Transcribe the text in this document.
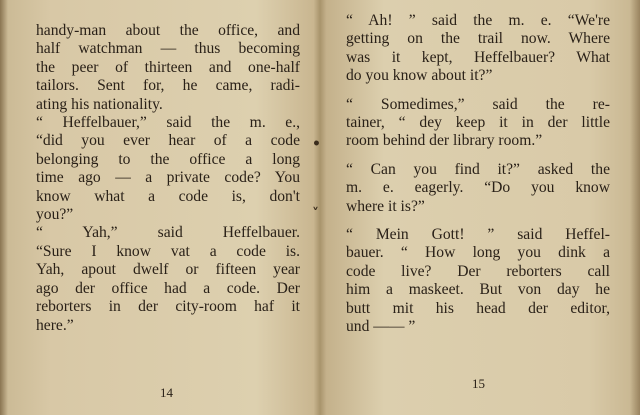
handy-man about the office, and
half watchman — thus becoming
the peer of thirteen and one-half
tailors. Sent for, he came, radi-
ating his nationality.
“ Heffelbauer,” said the m. e.,
“did you ever hear of a code
belonging to the office a long
time ago — a private code? You
know what a code is, don't
you?”
“ Yah,” said Heffelbauer.
“Sure I know vat a code is.
Yah, apout dwelf or fifteen year
ago der office had a code. Der
reborters in der city-room haf it
here.”
14
•
˅
“ Ah! ” said the m. e. “We're
getting on the trail now. Where
was it kept, Heffelbauer? What
do you know about it?”
“ Somedimes,” said the re-
tainer, “ dey keep it in der little
room behind der library room.”
“ Can you find it?” asked the
m. e. eagerly. “Do you know
where it is?”
“ Mein Gott! ” said Heffel-
bauer. “ How long you dink a
code live? Der reborters call
him a maskeet. But von day he
butt mit his head der editor,
und —— ”
15
